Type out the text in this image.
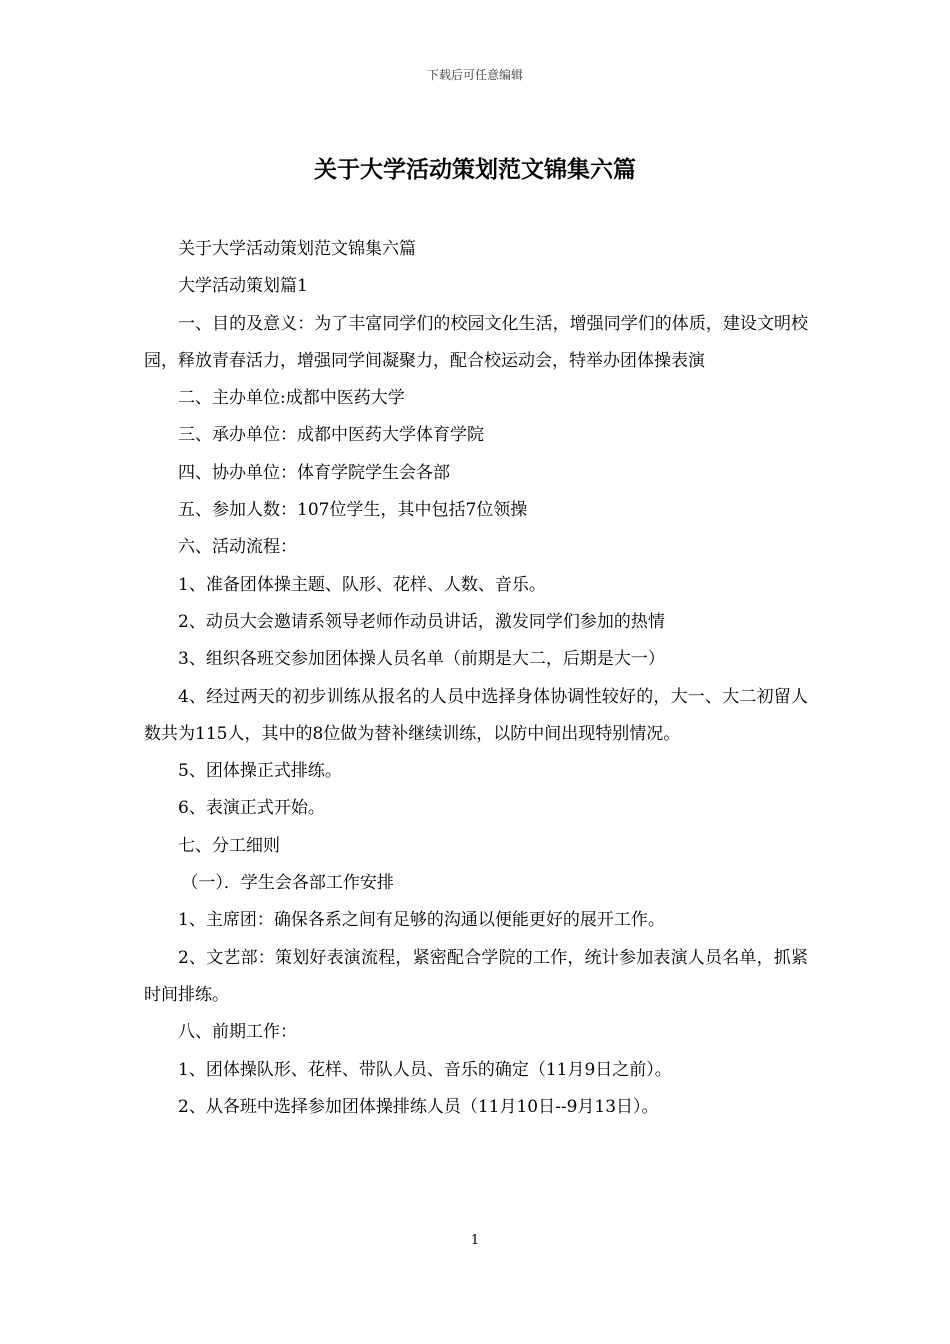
下载后可任意编辑
关于大学活动策划范文锦集六篇

关于大学活动策划范文锦集六篇

大学活动策划篇1

一、目的及意义：为了丰富同学们的校园文化生活，增强同学们的体质，建设文明校园，释放青春活力，增强同学间凝聚力，配合校运动会，特举办团体操表演

二、主办单位:成都中医药大学

三、承办单位：成都中医药大学体育学院

四、协办单位：体育学院学生会各部

五、参加人数：107位学生，其中包括7位领操

六、活动流程：

1、准备团体操主题、队形、花样、人数、音乐。

2、动员大会邀请系领导老师作动员讲话，激发同学们参加的热情

3、组织各班交参加团体操人员名单（前期是大二，后期是大一）

4、经过两天的初步训练从报名的人员中选择身体协调性较好的，大一、大二初留人数共为115人，其中的8位做为替补继续训练，以防中间出现特别情况。

5、团体操正式排练。

6、表演正式开始。

七、分工细则

（一）．学生会各部工作安排

1、主席团：确保各系之间有足够的沟通以便能更好的展开工作。

2、文艺部：策划好表演流程，紧密配合学院的工作，统计参加表演人员名单，抓紧时间排练。

八、前期工作：

1、团体操队形、花样、带队人员、音乐的确定（11月9日之前）。

2、从各班中选择参加团体操排练人员（11月10日--9月13日）。

1
